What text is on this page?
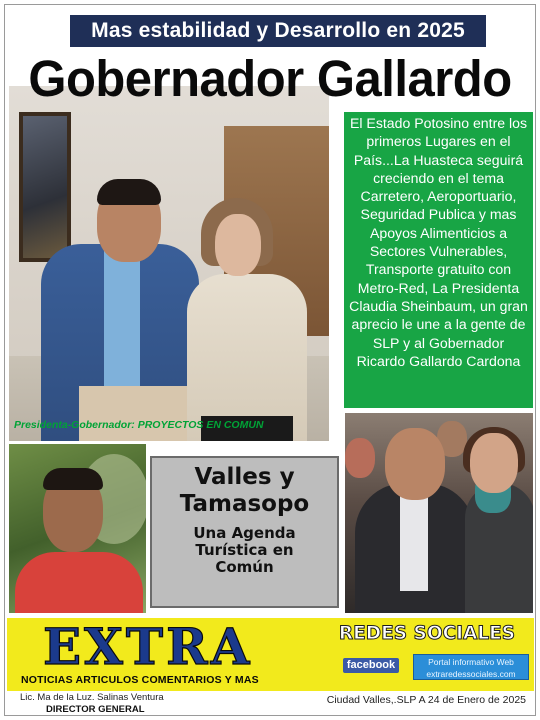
Mas estabilidad y Desarrollo en 2025
Gobernador Gallardo
Presidenta-Gobernador: PROYECTOS EN COMUN
El Estado Potosino entre los primeros Lugares en el País...La Huasteca seguirá creciendo en el tema Carretero, Aeroportuario, Seguridad Publica y mas Apoyos Alimenticios a Sectores Vulnerables, Transporte gratuito con Metro-Red, La Presidenta Claudia Sheinbaum, un gran aprecio le une a la gente de SLP y al Gobernador Ricardo Gallardo Cardona
Valles y
Tamasopo
Una Agenda
Turística en
Común
EXTRA
NOTICIAS ARTICULOS COMENTARIOS Y MAS
REDES SOCIALES
facebook	Portal informativo Web
extraredessociales.com
Lic. Ma de la Luz. Salinas Ventura
DIRECTOR GENERAL
Ciudad Valles,.SLP A 24 de Enero de 2025
